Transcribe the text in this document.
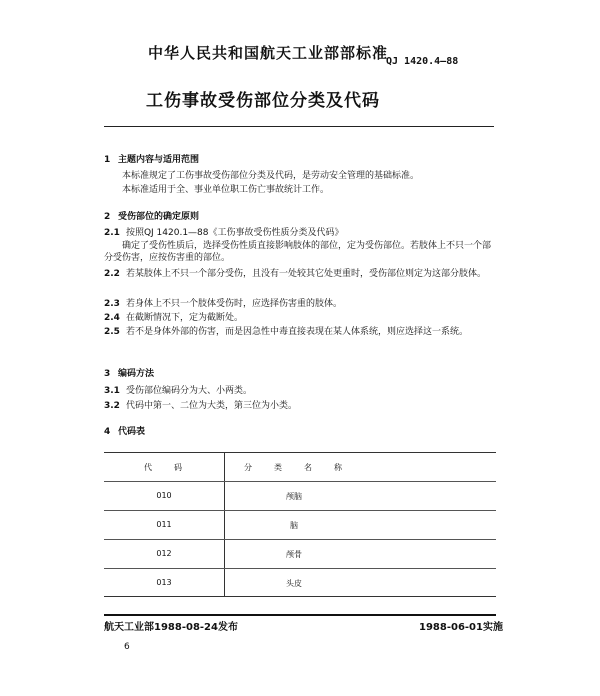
中华人民共和国航天工业部部标准
QJ 1420.4—88
工伤事故受伤部位分类及代码
1 主题内容与适用范围
本标准规定了工伤事故受伤部位分类及代码，是劳动安全管理的基础标准。
本标准适用于全、事业单位职工伤亡事故统计工作。
2 受伤部位的确定原则
2.1 按照QJ 1420.1—88《工伤事故受伤性质分类及代码》
确定了受伤性质后，选择受伤性质直接影响肢体的部位，定为受伤部位。若肢体上不只一个部分受伤害，应按伤害重的部位。
2.2 若某肢体上不只一个部分受伤，且没有一处较其它处更重时，受伤部位则定为这部分肢体。
2.3 若身体上不只一个肢体受伤时，应选择伤害重的肢体。
2.4 在截断情况下，定为截断处。
2.5 若不是身体外部的伤害，而是因急性中毒直接表现在某人体系统，则应选择这一系统。
3 编码方法
3.1 受伤部位编码分为大、小两类。
3.2 代码中第一、二位为大类，第三位为小类。
4 代码表
代　　码	分　　类　　名　　称
010	颅脑
011	脑
012	颅骨
013	头皮
航天工业部1988-08-24发布	1988-06-01实施
6
